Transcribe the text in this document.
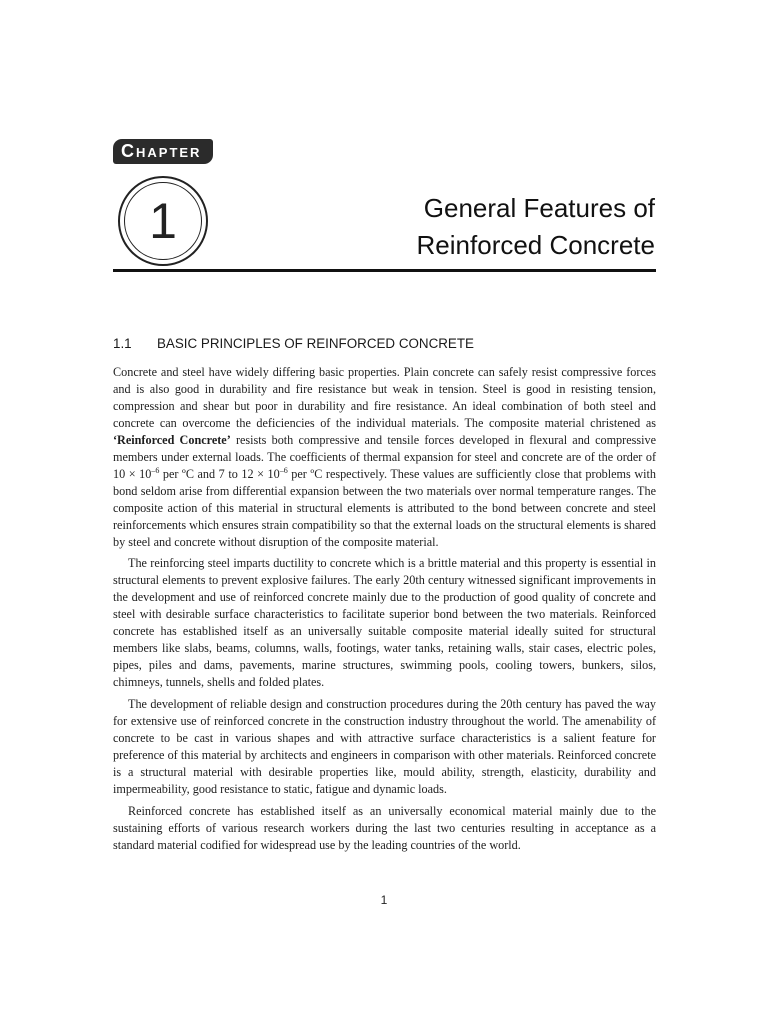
C HAPTER
1	General Features of
Reinforced Concrete
1.1 BASIC PRINCIPLES OF REINFORCED CONCRETE

Concrete and steel have widely differing basic properties. Plain concrete can safely resist compressive forces and is also good in durability and fire resistance but weak in tension. Steel is good in resisting tension, compression and shear but poor in durability and fire resistance. An ideal combination of both steel and concrete can overcome the deficiencies of the individual materials. The composite material christened as ‘Reinforced Concrete’ resists both compressive and tensile forces developed in flexural and compressive members under external loads. The coefficients of thermal expansion for steel and concrete are of the order of $10 \times 10^{-6}$ per ºC and 7 to $12 \times 10^{-6}$ per ºC respectively. These values are sufficiently close that problems with bond seldom arise from differential expansion between the two materials over normal temperature ranges. The composite action of this material in structural elements is attributed to the bond between concrete and steel reinforcements which ensures strain compatibility so that the external loads on the structural elements is shared by steel and concrete without disruption of the composite material.

The reinforcing steel imparts ductility to concrete which is a brittle material and this property is essential in structural elements to prevent explosive failures. The early 20th century witnessed significant improvements in the development and use of reinforced concrete mainly due to the production of good quality of concrete and steel with desirable surface characteristics to facilitate superior bond between the two materials. Reinforced concrete has established itself as an universally suitable composite material ideally suited for structural members like slabs, beams, columns, walls, footings, water tanks, retaining walls, stair cases, electric poles, pipes, piles and dams, pavements, marine structures, swimming pools, cooling towers, bunkers, silos, chimneys, tunnels, shells and folded plates.

The development of reliable design and construction procedures during the 20th century has paved the way for extensive use of reinforced concrete in the construction industry throughout the world. The amenability of concrete to be cast in various shapes and with attractive surface characteristics is a salient feature for preference of this material by architects and engineers in comparison with other materials. Reinforced concrete is a structural material with desirable properties like, mould ability, strength, elasticity, durability and impermeability, good resistance to static, fatigue and dynamic loads.

Reinforced concrete has established itself as an universally economical material mainly due to the sustaining efforts of various research workers during the last two centuries resulting in acceptance as a standard material codified for widespread use by the leading countries of the world.

1
